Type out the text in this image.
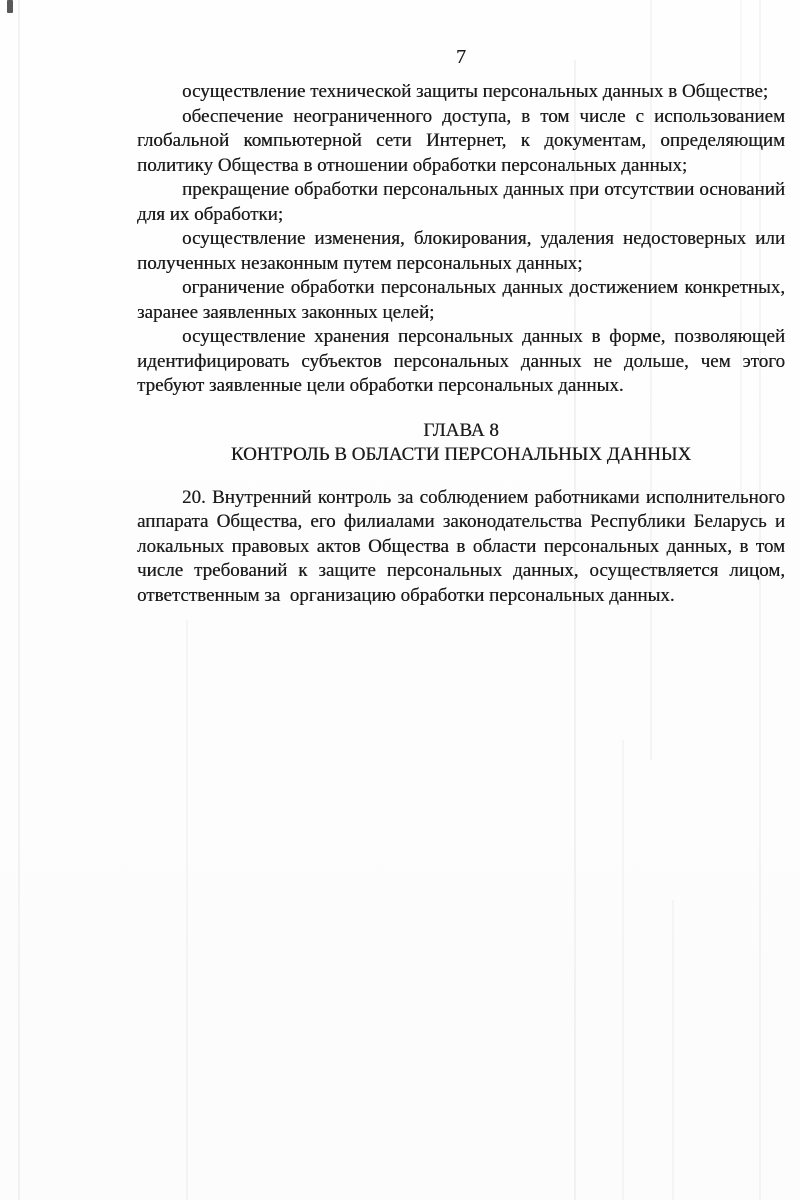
7
осуществление технической защиты персональных данных в Обществе;
обеспечение неограниченного доступа, в том числе с использованием
глобальной компьютерной сети Интернет, к документам, определяющим
политику Общества в отношении обработки персональных данных;
прекращение обработки персональных данных при отсутствии оснований
для их обработки;
осуществление изменения, блокирования, удаления недостоверных или
полученных незаконным путем персональных данных;
ограничение обработки персональных данных достижением конкретных,
заранее заявленных законных целей;
осуществление хранения персональных данных в форме, позволяющей
идентифицировать субъектов персональных данных не дольше, чем этого
требуют заявленные цели обработки персональных данных.
ГЛАВА 8
КОНТРОЛЬ В ОБЛАСТИ ПЕРСОНАЛЬНЫХ ДАННЫХ
20. Внутренний контроль за соблюдением работниками исполнительного
аппарата Общества, его филиалами законодательства Республики Беларусь и
локальных правовых актов Общества в области персональных данных, в том
числе требований к защите персональных данных, осуществляется лицом,
ответственным за  организацию обработки персональных данных.
